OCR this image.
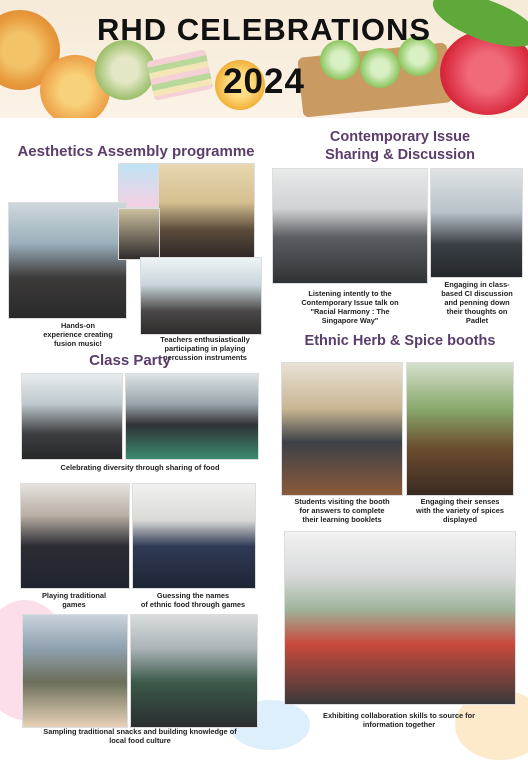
RHD CELEBRATIONS
2024
Aesthetics Assembly programme
Hands-on
experience creating
fusion music!	Teachers enthusiastically
participating in playing
percussion instruments
Contemporary Issue
Sharing & Discussion
Listening intently to the
Contemporary Issue talk on
"Racial Harmony : The
Singapore Way"
Engaging in class-
based CI discussion
and penning down
their thoughts on
Padlet
Class Party
Celebrating diversity through sharing of food
Playing traditional
games
Guessing the names
of ethnic food through games
Sampling traditional snacks and building knowledge of
local food culture
Ethnic Herb & Spice booths
Students visiting the booth
for answers to complete
their learning booklets
Engaging their senses
with the variety of spices
displayed
Exhibiting collaboration skills to source for
information together
